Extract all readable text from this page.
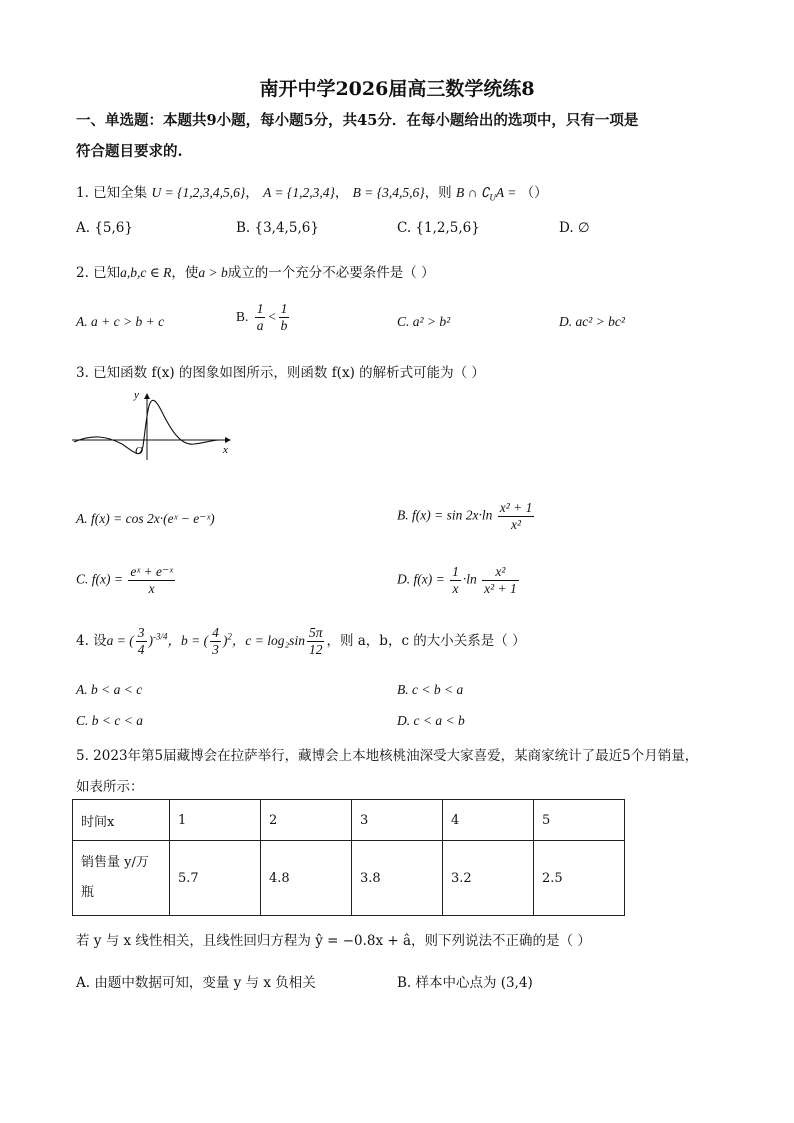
南开中学2026届高三数学统练8
一、单选题：本题共9小题，每小题5分，共45分．在每小题给出的选项中，只有一项是
符合题目要求的.
1. 已知全集 U = {1,2,3,4,5,6}， A = {1,2,3,4}， B = {3,4,5,6}，则 B ∩ $∁_UA$ = （）
A. {5,6}	B. {3,4,5,6}	C. {1,2,5,6}	D. ∅
2. 已知a,b,c ∈ R，使a > b成立的一个充分不必要条件是（ ）
A. a + c > b + c	B. $\frac{1}{a} < \frac{1}{b}$	C. a² > b²	D. ac² > bc²
3. 已知函数 f(x) 的图象如图所示，则函数 f(x) 的解析式可能为（ ）
y
x
O
A. f(x) = cos 2x·(eˣ − e⁻ˣ)	B. $f(x) = \sin 2x\cdot\ln \frac{\text{x² + 1}}{\text{x²}}$
C. $f(x) = \frac{\text{eˣ + e⁻ˣ}}{x}$	D. $f(x) = \frac{1}{x} \cdot\ln \frac{\text{x²}}{\text{x² + 1}}$
4. 设a = ( $\frac{3}{4} )^{-3/4}$，b = ( $\frac{4}{3} )^2$，$c = \log_2\sin \frac{5\pi}{12}$ ，则 a，b，c 的大小关系是（ ）
A. b < a < c	B. c < b < a
C. b < c < a	D. c < a < b
5. 2023年第5届藏博会在拉萨举行，藏博会上本地核桃油深受大家喜爱，某商家统计了最近5个月销量，
如表所示：
时间x	1	2	3	4	5

销售量 y/万
瓶	5.7	4.8	3.8	3.2	2.5
若 y 与 x 线性相关，且线性回归方程为 ŷ = −0.8x + â，则下列说法不正确的是（ ）
A. 由题中数据可知，变量 y 与 x 负相关	B. 样本中心点为 (3,4)
